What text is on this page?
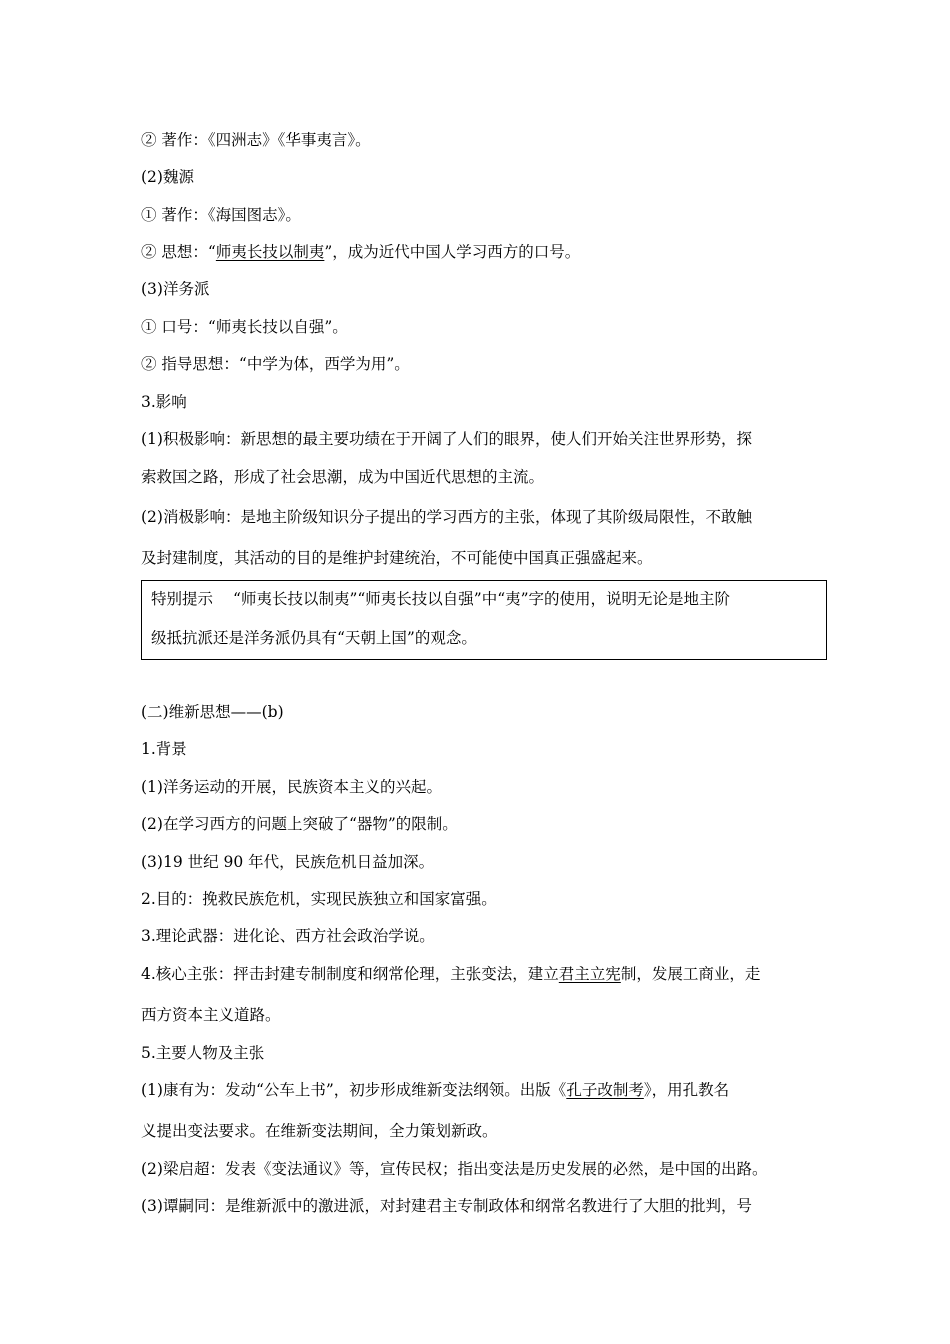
② 著作：《四洲志》《华事夷言》。

(2)魏源

① 著作：《海国图志》。

② 思想：“师夷长技以制夷”，成为近代中国人学习西方的口号。

(3)洋务派

① 口号：“师夷长技以自强”。

② 指导思想：“中学为体，西学为用”。

3.影响

(1)积极影响：新思想的最主要功绩在于开阔了人们的眼界，使人们开始关注世界形势，探

索救国之路，形成了社会思潮，成为中国近代思想的主流。

(2)消极影响：是地主阶级知识分子提出的学习西方的主张，体现了其阶级局限性，不敢触

及封建制度，其活动的目的是维护封建统治，不可能使中国真正强盛起来。

特别提示 “师夷长技以制夷”“师夷长技以自强”中“夷”字的使用，说明无论是地主阶
级抵抗派还是洋务派仍具有“天朝上国”的观念。

(二)维新思想——(b)

1.背景

(1)洋务运动的开展，民族资本主义的兴起。

(2)在学习西方的问题上突破了“器物”的限制。

(3)19 世纪 90 年代，民族危机日益加深。

2.目的：挽救民族危机，实现民族独立和国家富强。

3.理论武器：进化论、西方社会政治学说。

4.核心主张：抨击封建专制制度和纲常伦理，主张变法，建立君主立宪制，发展工商业，走

西方资本主义道路。

5.主要人物及主张

(1)康有为：发动“公车上书”，初步形成维新变法纲领。出版《孔子改制考》，用孔教名

义提出变法要求。在维新变法期间，全力策划新政。

(2)梁启超：发表《变法通议》等，宣传民权；指出变法是历史发展的必然，是中国的出路。

(3)谭嗣同：是维新派中的激进派，对封建君主专制政体和纲常名教进行了大胆的批判，号
